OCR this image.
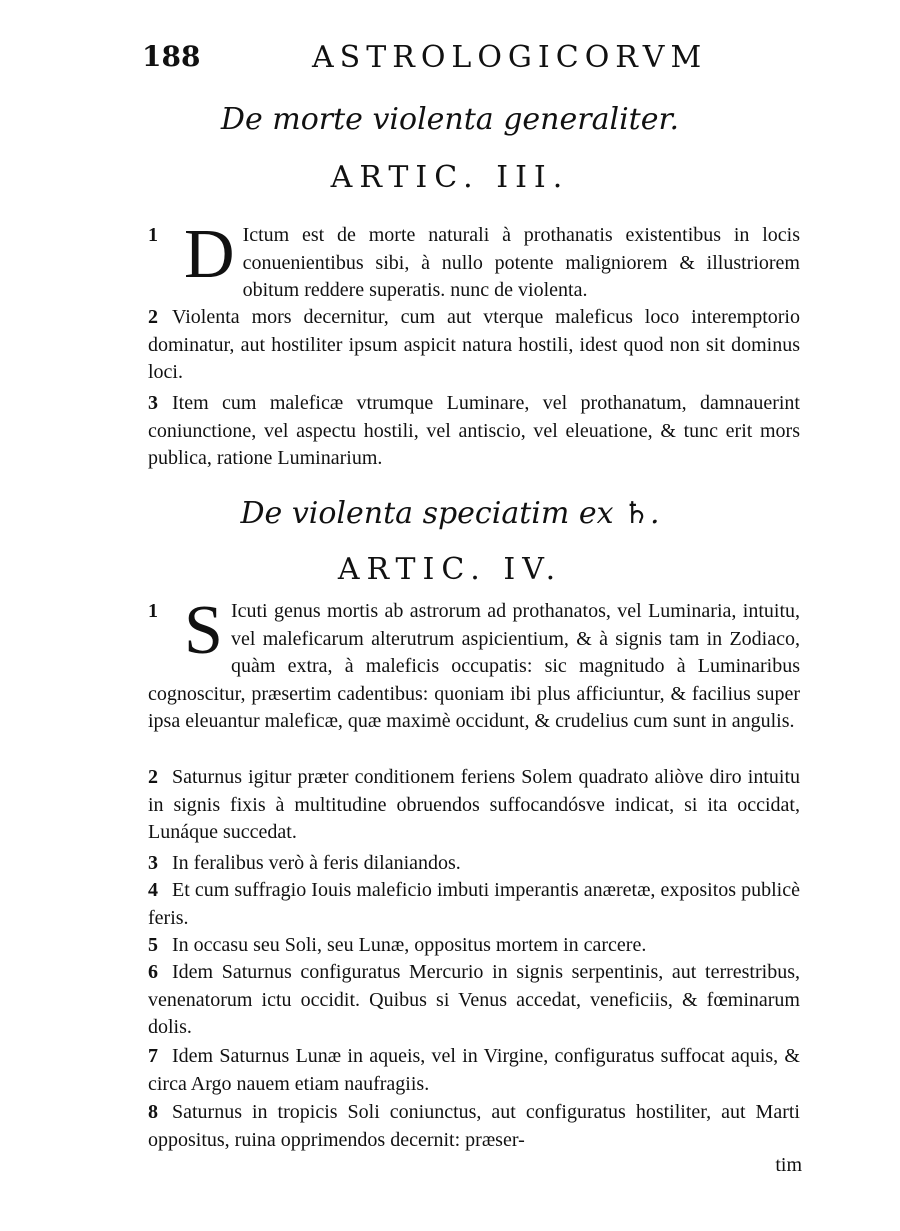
188	ASTROLOGICORVM
De morte violenta generaliter.
ARTIC. III.

1 D Ictum est de morte naturali à prothanatis existentibus in locis conuenientibus sibi, à nullo potente maligniorem & illustriorem obitum reddere superatis. nunc de violenta.

2 Violenta mors decernitur, cum aut vterque maleficus loco interemptorio dominatur, aut hostiliter ipsum aspicit natura hostili, idest quod non sit dominus loci.

3 Item cum maleficæ vtrumque Luminare, vel prothanatum, damnauerint coniunctione, vel aspectu hostili, vel antiscio, vel eleuatione, & tunc erit mors publica, ratione Luminarium.

De violenta speciatim ex ♄.
ARTIC. IV.

1 S Icuti genus mortis ab astrorum ad prothanatos, vel Luminaria, intuitu, vel maleficarum alterutrum aspicientium, & à signis tam in Zodiaco, quàm extra, à maleficis occupatis: sic magnitudo à Luminaribus cognoscitur, præsertim cadentibus: quoniam ibi plus afficiuntur, & facilius super ipsa eleuantur maleficæ, quæ maximè occidunt, & crudelius cum sunt in angulis.

2 Saturnus igitur præter conditionem feriens Solem quadrato aliòve diro intuitu in signis fixis à multitudine obruendos suffocandósve indicat, si ita occidat, Lunáque succedat.

3 In feralibus verò à feris dilaniandos.

4 Et cum suffragio Iouis maleficio imbuti imperantis anæretæ, expositos publicè feris.

5 In occasu seu Soli, seu Lunæ, oppositus mortem in carcere.

6 Idem Saturnus configuratus Mercurio in signis serpentinis, aut terrestribus, venenatorum ictu occidit. Quibus si Venus accedat, veneficiis, & fœminarum dolis.

7 Idem Saturnus Lunæ in aqueis, vel in Virgine, configuratus suffocat aquis, & circa Argo nauem etiam naufragiis.

8 Saturnus in tropicis Soli coniunctus, aut configuratus hostiliter, aut Marti oppositus, ruina opprimendos decernit: præser-

tim
